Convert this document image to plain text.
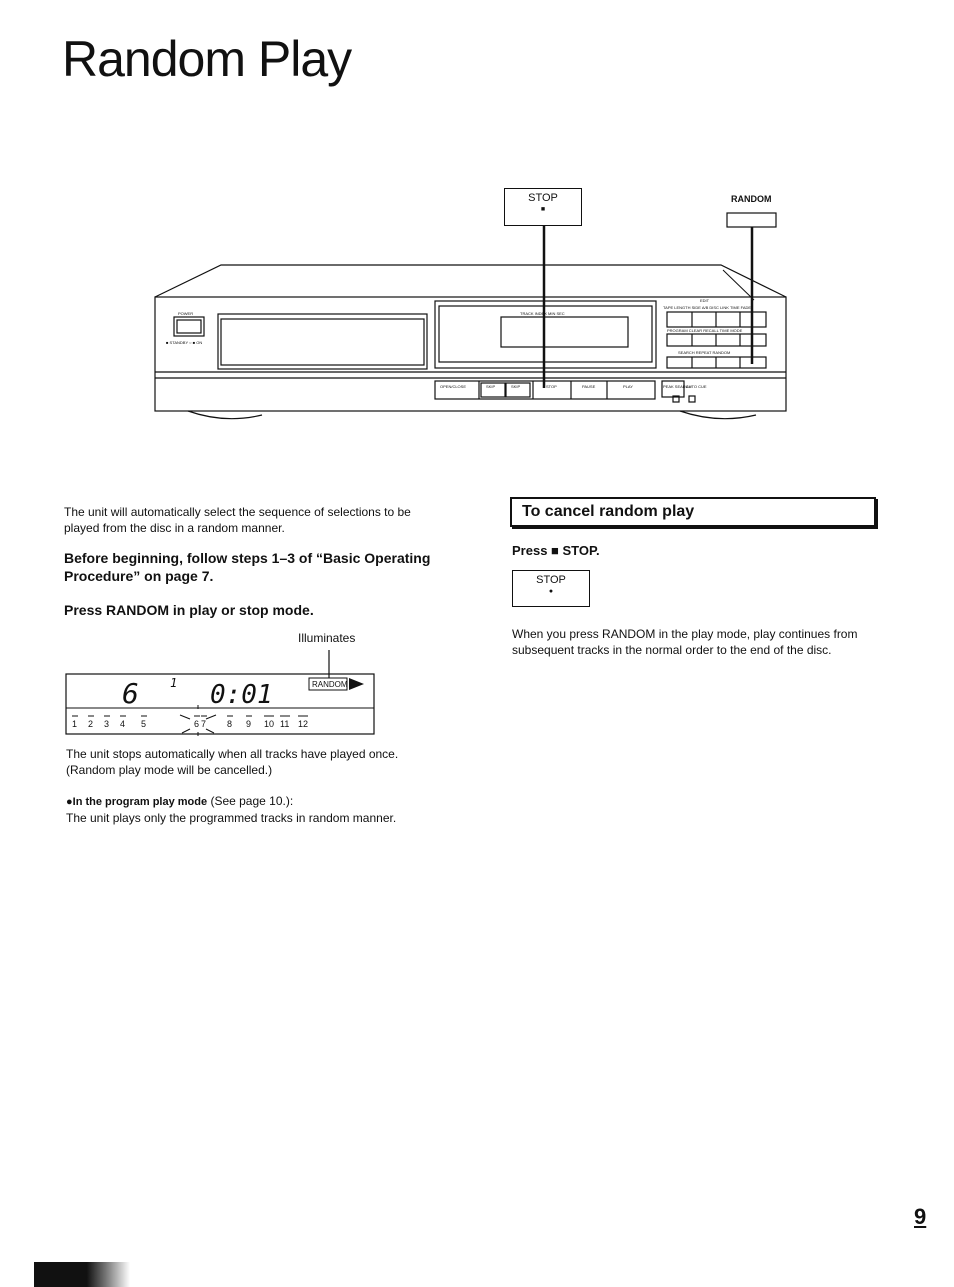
Random Play
STOP
■
RANDOM
POWER
■ STANDBY ○ ■ ON
TRACK INDEX MIN SEC
EDIT
TAPE LENGTH SIDE A/B DISC LINK TIME FADE
PROGRAM CLEAR RECALL TIME MODE
SEARCH REPEAT RANDOM
OPEN/CLOSE	SKIP	SKIP	STOP	PAUSE	PLAY	PEAK SEARCH
AUTO CUE
The unit will automatically select the sequence of selections to be played from the disc in a random manner.
Before beginning, follow steps 1–3 of “Basic Operating Procedure” on page 7.
Press RANDOM in play or stop mode.
Illuminates
6	1 0:01	RANDOM
1 2 3 4 5	6 7 8 9 10 11 12
The unit stops automatically when all tracks have played once. (Random play mode will be cancelled.)
●In the program play mode (See page 10.):
The unit plays only the programmed tracks in random manner.
To cancel random play
Press ■ STOP.
STOP
●
When you press RANDOM in the play mode, play continues from subsequent tracks in the normal order to the end of the disc.
9
